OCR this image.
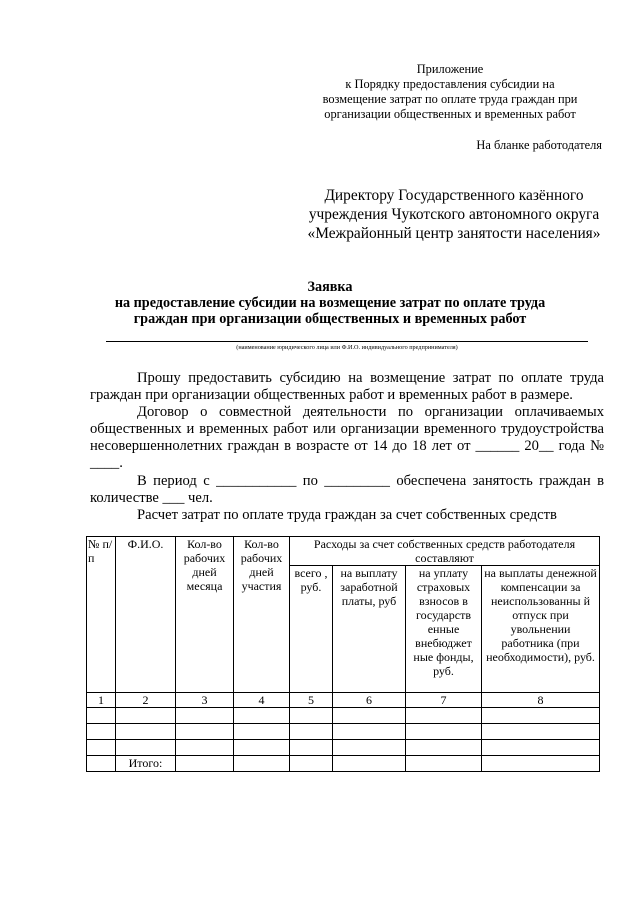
Приложение
к Порядку предоставления субсидии на
возмещение затрат по оплате труда граждан при
организации общественных и временных работ
На бланке работодателя
Директору Государственного казённого
учреждения Чукотского автономного округа
«Межрайонный центр занятости населения»
Заявка
на предоставление субсидии на возмещение затрат по оплате труда
граждан при организации общественных и временных работ
(наименование юридического лица или Ф.И.О. индивидуального предпринимателя)

Прошу предоставить субсидию на возмещение затрат по оплате труда граждан при организации общественных работ и временных работ в размере.

Договор о совместной деятельности по организации оплачиваемых общественных и временных работ или организации временного трудоустройства несовершеннолетних граждан в возрасте от 14 до 18 лет от ______ 20__ года № ____.

В период с ___________ по _________ обеспечена занятость граждан в количестве ___ чел.

Расчет затрат по оплате труда граждан за счет собственных средств

№ п/п	Ф.И.О.	Кол-во рабочих дней месяца	Кол-во рабочих дней участия	Расходы за счет собственных средств работодателя составляют			
				всего , руб.	на выплату заработной платы, руб	на уплату страховых взносов в государств енные внебюджет ные фонды, руб.	на выплаты денежной компенсации за неиспользованны й отпуск при увольнении работника (при необходимости), руб.
1	2	3	4	5	6	7	8

	Итого:						
